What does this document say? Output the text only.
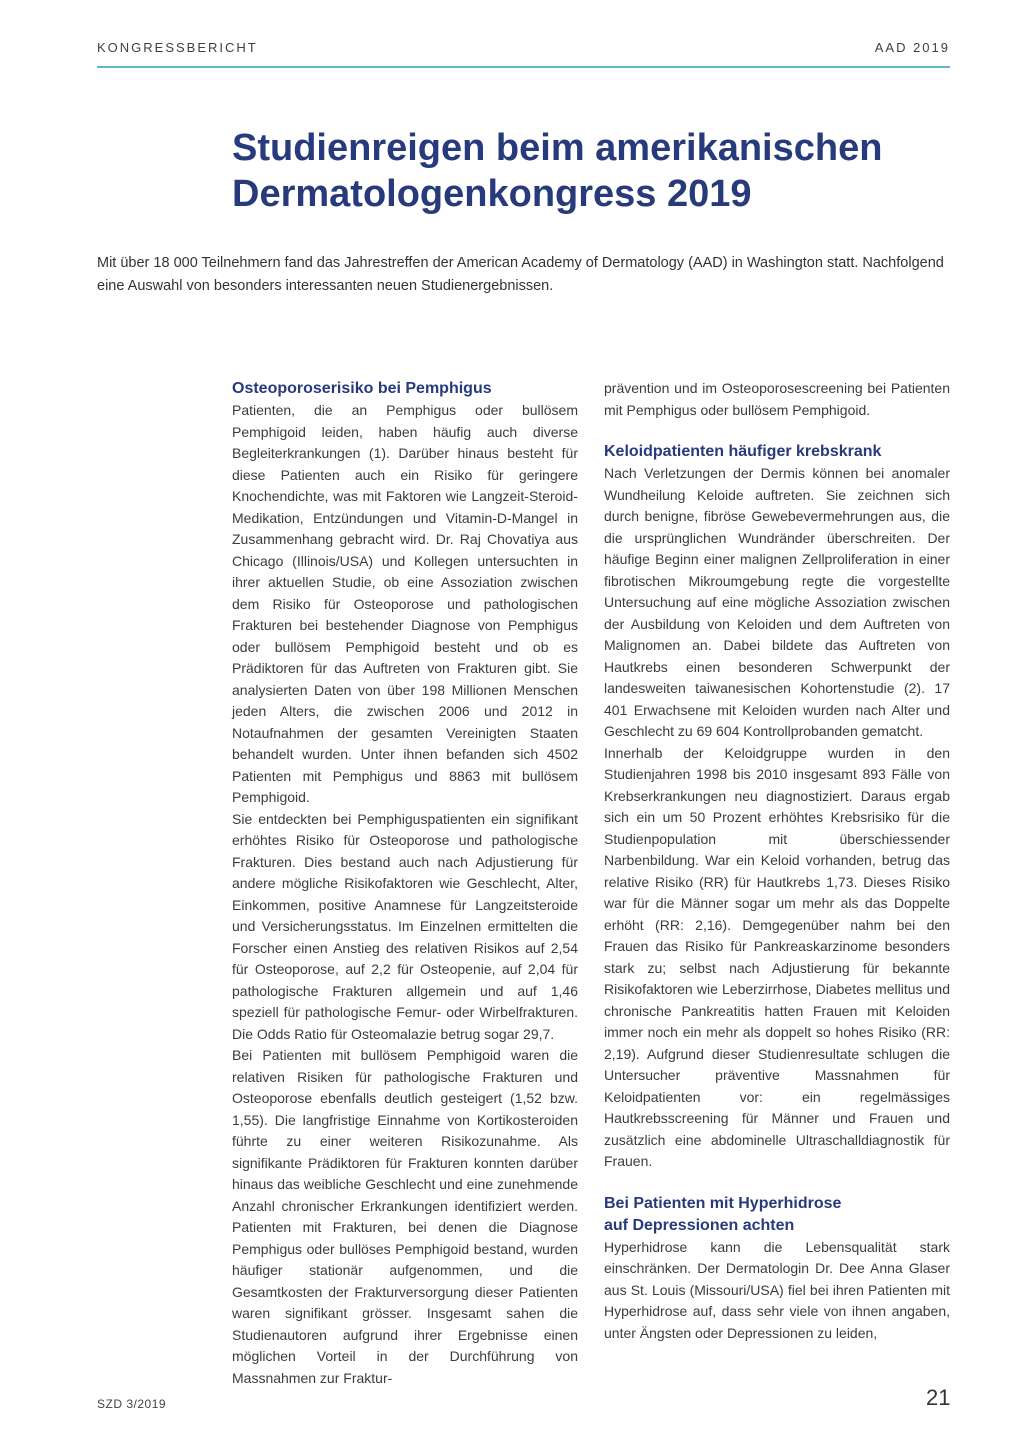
KONGRESSBERICHT	AAD 2019
Studienreigen beim amerikanischen
Dermatologenkongress 2019

Mit über 18 000 Teilnehmern fand das Jahrestreffen der American Academy of Dermatology (AAD) in Washington statt. Nachfolgend eine Auswahl von besonders interessanten neuen Studienergebnissen.

Osteoporoserisiko bei Pemphigus

Patienten, die an Pemphigus oder bullösem Pemphigoid leiden, haben häufig auch diverse Begleiterkrankungen (1). Darüber hinaus besteht für diese Patienten auch ein Risiko für geringere Knochendichte, was mit Faktoren wie Langzeit-Steroid-Medikation, Entzündungen und Vitamin-D-Mangel in Zusammenhang gebracht wird. Dr. Raj Chovatiya aus Chicago (Illinois/USA) und Kollegen untersuchten in ihrer aktuellen Studie, ob eine Assoziation zwischen dem Risiko für Osteoporose und pathologischen Frakturen bei bestehender Diagnose von Pemphigus oder bullösem Pemphigoid besteht und ob es Prädiktoren für das Auftreten von Frakturen gibt. Sie analysierten Daten von über 198 Millionen Menschen jeden Alters, die zwischen 2006 und 2012 in Notaufnahmen der gesamten Vereinigten Staaten behandelt wurden. Unter ihnen befanden sich 4502 Patienten mit Pemphigus und 8863 mit bullösem Pemphigoid.

Sie entdeckten bei Pemphiguspatienten ein signifikant erhöhtes Risiko für Osteoporose und pathologische Frakturen. Dies bestand auch nach Adjustierung für andere mögliche Risikofaktoren wie Geschlecht, Alter, Einkommen, positive Anamnese für Langzeitsteroide und Versicherungsstatus. Im Einzelnen ermittelten die Forscher einen Anstieg des relativen Risikos auf 2,54 für Osteoporose, auf 2,2 für Osteopenie, auf 2,04 für pathologische Frakturen allgemein und auf 1,46 speziell für pathologische Femur- oder Wirbelfrakturen. Die Odds Ratio für Osteomalazie betrug sogar 29,7.

Bei Patienten mit bullösem Pemphigoid waren die relativen Risiken für pathologische Frakturen und Osteoporose ebenfalls deutlich gesteigert (1,52 bzw. 1,55). Die langfristige Einnahme von Kortikosteroiden führte zu einer weiteren Risikozunahme. Als signifikante Prädiktoren für Frakturen konnten darüber hinaus das weibliche Geschlecht und eine zunehmende Anzahl chronischer Erkrankungen identifiziert werden. Patienten mit Frakturen, bei denen die Diagnose Pemphigus oder bullöses Pemphigoid bestand, wurden häufiger stationär aufgenommen, und die Gesamtkosten der Frakturversorgung dieser Patienten waren signifikant grösser. Insgesamt sahen die Studienautoren aufgrund ihrer Ergebnisse einen möglichen Vorteil in der Durchführung von Massnahmen zur Fraktur-

prävention und im Osteoporosescreening bei Patienten mit Pemphigus oder bullösem Pemphigoid.

Keloidpatienten häufiger krebskrank

Nach Verletzungen der Dermis können bei anomaler Wundheilung Keloide auftreten. Sie zeichnen sich durch benigne, fibröse Gewebevermehrungen aus, die die ursprünglichen Wundränder überschreiten. Der häufige Beginn einer malignen Zellproliferation in einer fibrotischen Mikroumgebung regte die vorgestellte Untersuchung auf eine mögliche Assoziation zwischen der Ausbildung von Keloiden und dem Auftreten von Malignomen an. Dabei bildete das Auftreten von Hautkrebs einen besonderen Schwerpunkt der landesweiten taiwanesischen Kohortenstudie (2). 17 401 Erwachsene mit Keloiden wurden nach Alter und Geschlecht zu 69 604 Kontrollprobanden gematcht.

Innerhalb der Keloidgruppe wurden in den Studienjahren 1998 bis 2010 insgesamt 893 Fälle von Krebserkrankungen neu diagnostiziert. Daraus ergab sich ein um 50 Prozent erhöhtes Krebsrisiko für die Studienpopulation mit überschiessender Narbenbildung. War ein Keloid vorhanden, betrug das relative Risiko (RR) für Hautkrebs 1,73. Dieses Risiko war für die Männer sogar um mehr als das Doppelte erhöht (RR: 2,16). Demgegenüber nahm bei den Frauen das Risiko für Pankreaskarzinome besonders stark zu; selbst nach Adjustierung für bekannte Risikofaktoren wie Leberzirrhose, Diabetes mellitus und chronische Pankreatitis hatten Frauen mit Keloiden immer noch ein mehr als doppelt so hohes Risiko (RR: 2,19). Aufgrund dieser Studienresultate schlugen die Untersucher präventive Massnahmen für Keloidpatienten vor: ein regelmässiges Hautkrebsscreening für Männer und Frauen und zusätzlich eine abdominelle Ultraschalldiagnostik für Frauen.

Bei Patienten mit Hyperhidrose
auf Depressionen achten

Hyperhidrose kann die Lebensqualität stark einschränken. Der Dermatologin Dr. Dee Anna Glaser aus St. Louis (Missouri/USA) fiel bei ihren Patienten mit Hyperhidrose auf, dass sehr viele von ihnen angaben, unter Ängsten oder Depressionen zu leiden,

SZD 3/2019	21
